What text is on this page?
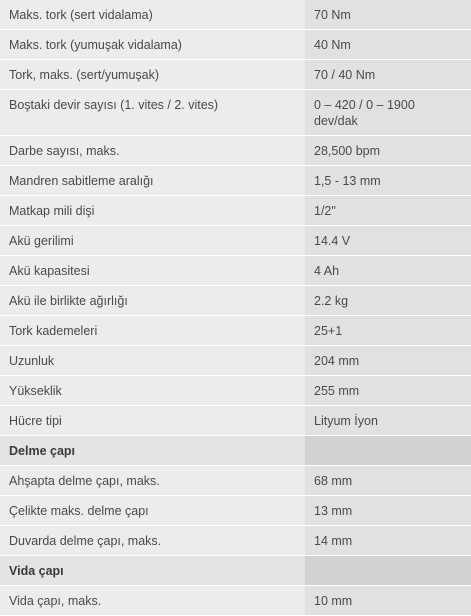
Maks. tork (sert vidalama)	70 Nm

Maks. tork (yumuşak vidalama)	40 Nm

Tork, maks. (sert/yumuşak)	70 / 40 Nm

Boştaki devir sayısı (1. vites / 2. vites)	0 – 420 / 0 – 1900 dev/dak

Darbe sayısı, maks.	28,500 bpm

Mandren sabitleme aralığı	1,5 - 13 mm

Matkap mili dişi	1/2"

Akü gerilimi	14.4 V

Akü kapasitesi	4 Ah

Akü ile birlikte ağırlığı	2.2 kg

Tork kademeleri	25+1

Uzunluk	204 mm

Yükseklik	255 mm

Hücre tipi	Lityum İyon

Delme çapı	

Ahşapta delme çapı, maks.	68 mm

Çelikte maks. delme çapı	13 mm

Duvarda delme çapı, maks.	14 mm

Vida çapı	

Vida çapı, maks.	10 mm
